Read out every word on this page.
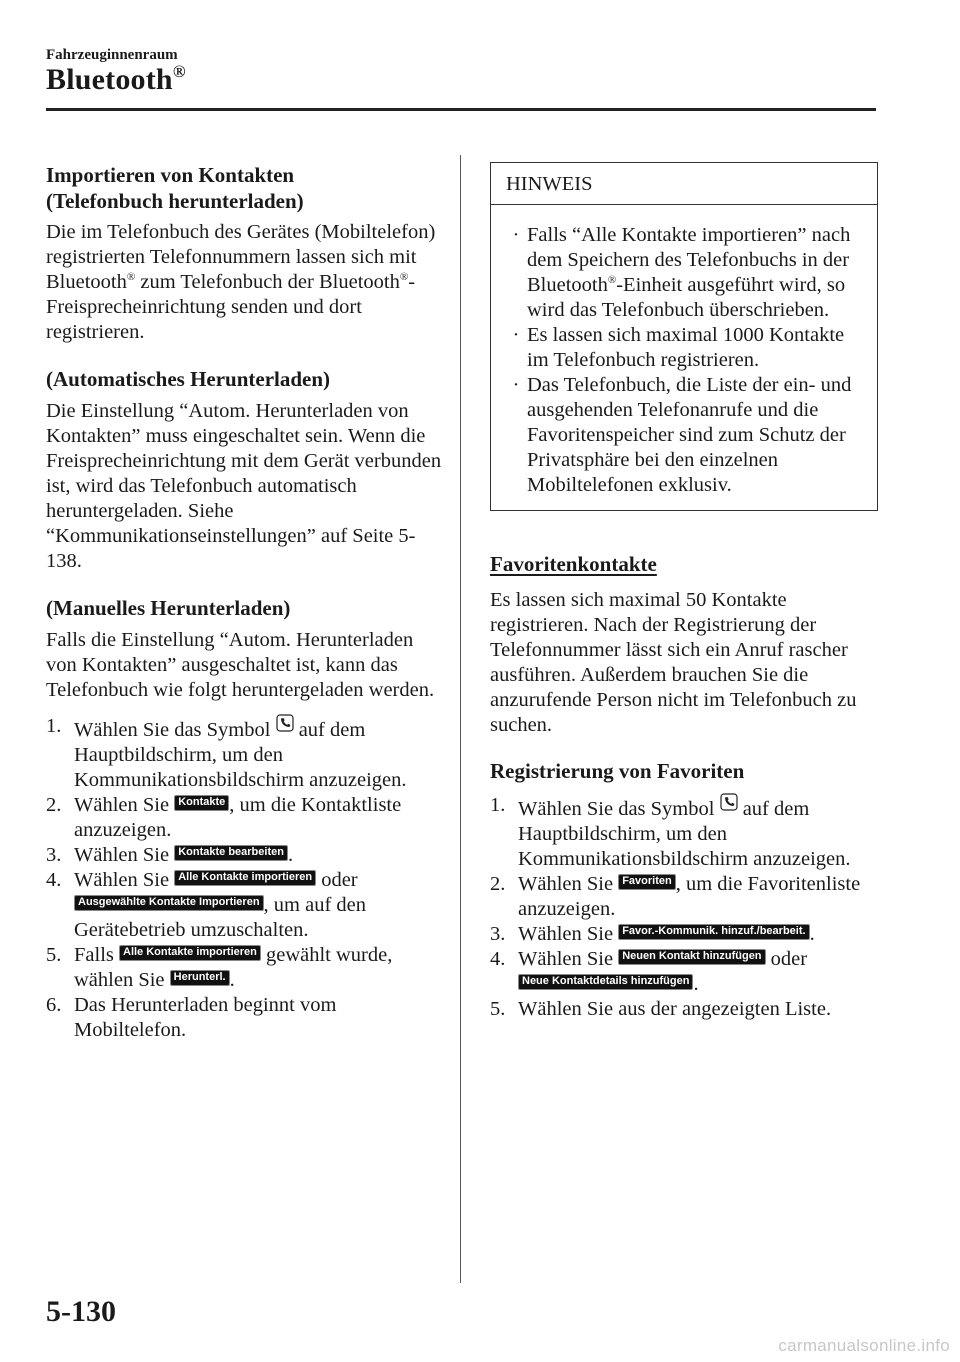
Fahrzeuginnenraum
Bluetooth®
Importieren von Kontakten
(Telefonbuch herunterladen)

Die im Telefonbuch des Gerätes (Mobiltelefon) registrierten Telefonnummern lassen sich mit Bluetooth® zum Telefonbuch der Bluetooth®-Freisprecheinrichtung senden und dort registrieren.

(Automatisches Herunterladen)

Die Einstellung “Autom. Herunterladen von Kontakten” muss eingeschaltet sein. Wenn die Freisprecheinrichtung mit dem Gerät verbunden ist, wird das Telefonbuch automatisch heruntergeladen. Siehe “Kommunikationseinstellungen” auf Seite 5-138.

(Manuelles Herunterladen)

Falls die Einstellung “Autom. Herunterladen von Kontakten” ausgeschaltet ist, kann das Telefonbuch wie folgt heruntergeladen werden.

1. Wählen Sie das Symbol  auf dem Hauptbildschirm, um den Kommunikationsbildschirm anzuzeigen.
2. Wählen Sie Kontakte , um die Kontaktliste anzuzeigen.
3. Wählen Sie Kontakte bearbeiten .
4. Wählen Sie Alle Kontakte importieren oder Ausgewählte Kontakte Importieren , um auf den Gerätebetrieb umzuschalten.
5. Falls Alle Kontakte importieren gewählt wurde, wählen Sie Herunterl. .
6. Das Herunterladen beginnt vom Mobiltelefon.
HINWEIS
· Falls “Alle Kontakte importieren” nach dem Speichern des Telefonbuchs in der Bluetooth®-Einheit ausgeführt wird, so wird das Telefonbuch überschrieben.
· Es lassen sich maximal 1000 Kontakte im Telefonbuch registrieren.
· Das Telefonbuch, die Liste der ein- und ausgehenden Telefonanrufe und die Favoritenspeicher sind zum Schutz der Privatsphäre bei den einzelnen Mobiltelefonen exklusiv.
Favoritenkontakte

Es lassen sich maximal 50 Kontakte registrieren. Nach der Registrierung der Telefonnummer lässt sich ein Anruf rascher ausführen. Außerdem brauchen Sie die anzurufende Person nicht im Telefonbuch zu suchen.

Registrierung von Favoriten
1. Wählen Sie das Symbol  auf dem Hauptbildschirm, um den Kommunikationsbildschirm anzuzeigen.
2. Wählen Sie Favoriten , um die Favoritenliste anzuzeigen.
3. Wählen Sie Favor.-Kommunik. hinzuf./bearbeit. .
4. Wählen Sie Neuen Kontakt hinzufügen oder Neue Kontaktdetails hinzufügen .
5. Wählen Sie aus der angezeigten Liste.
5-130
carmanualsonline.info
